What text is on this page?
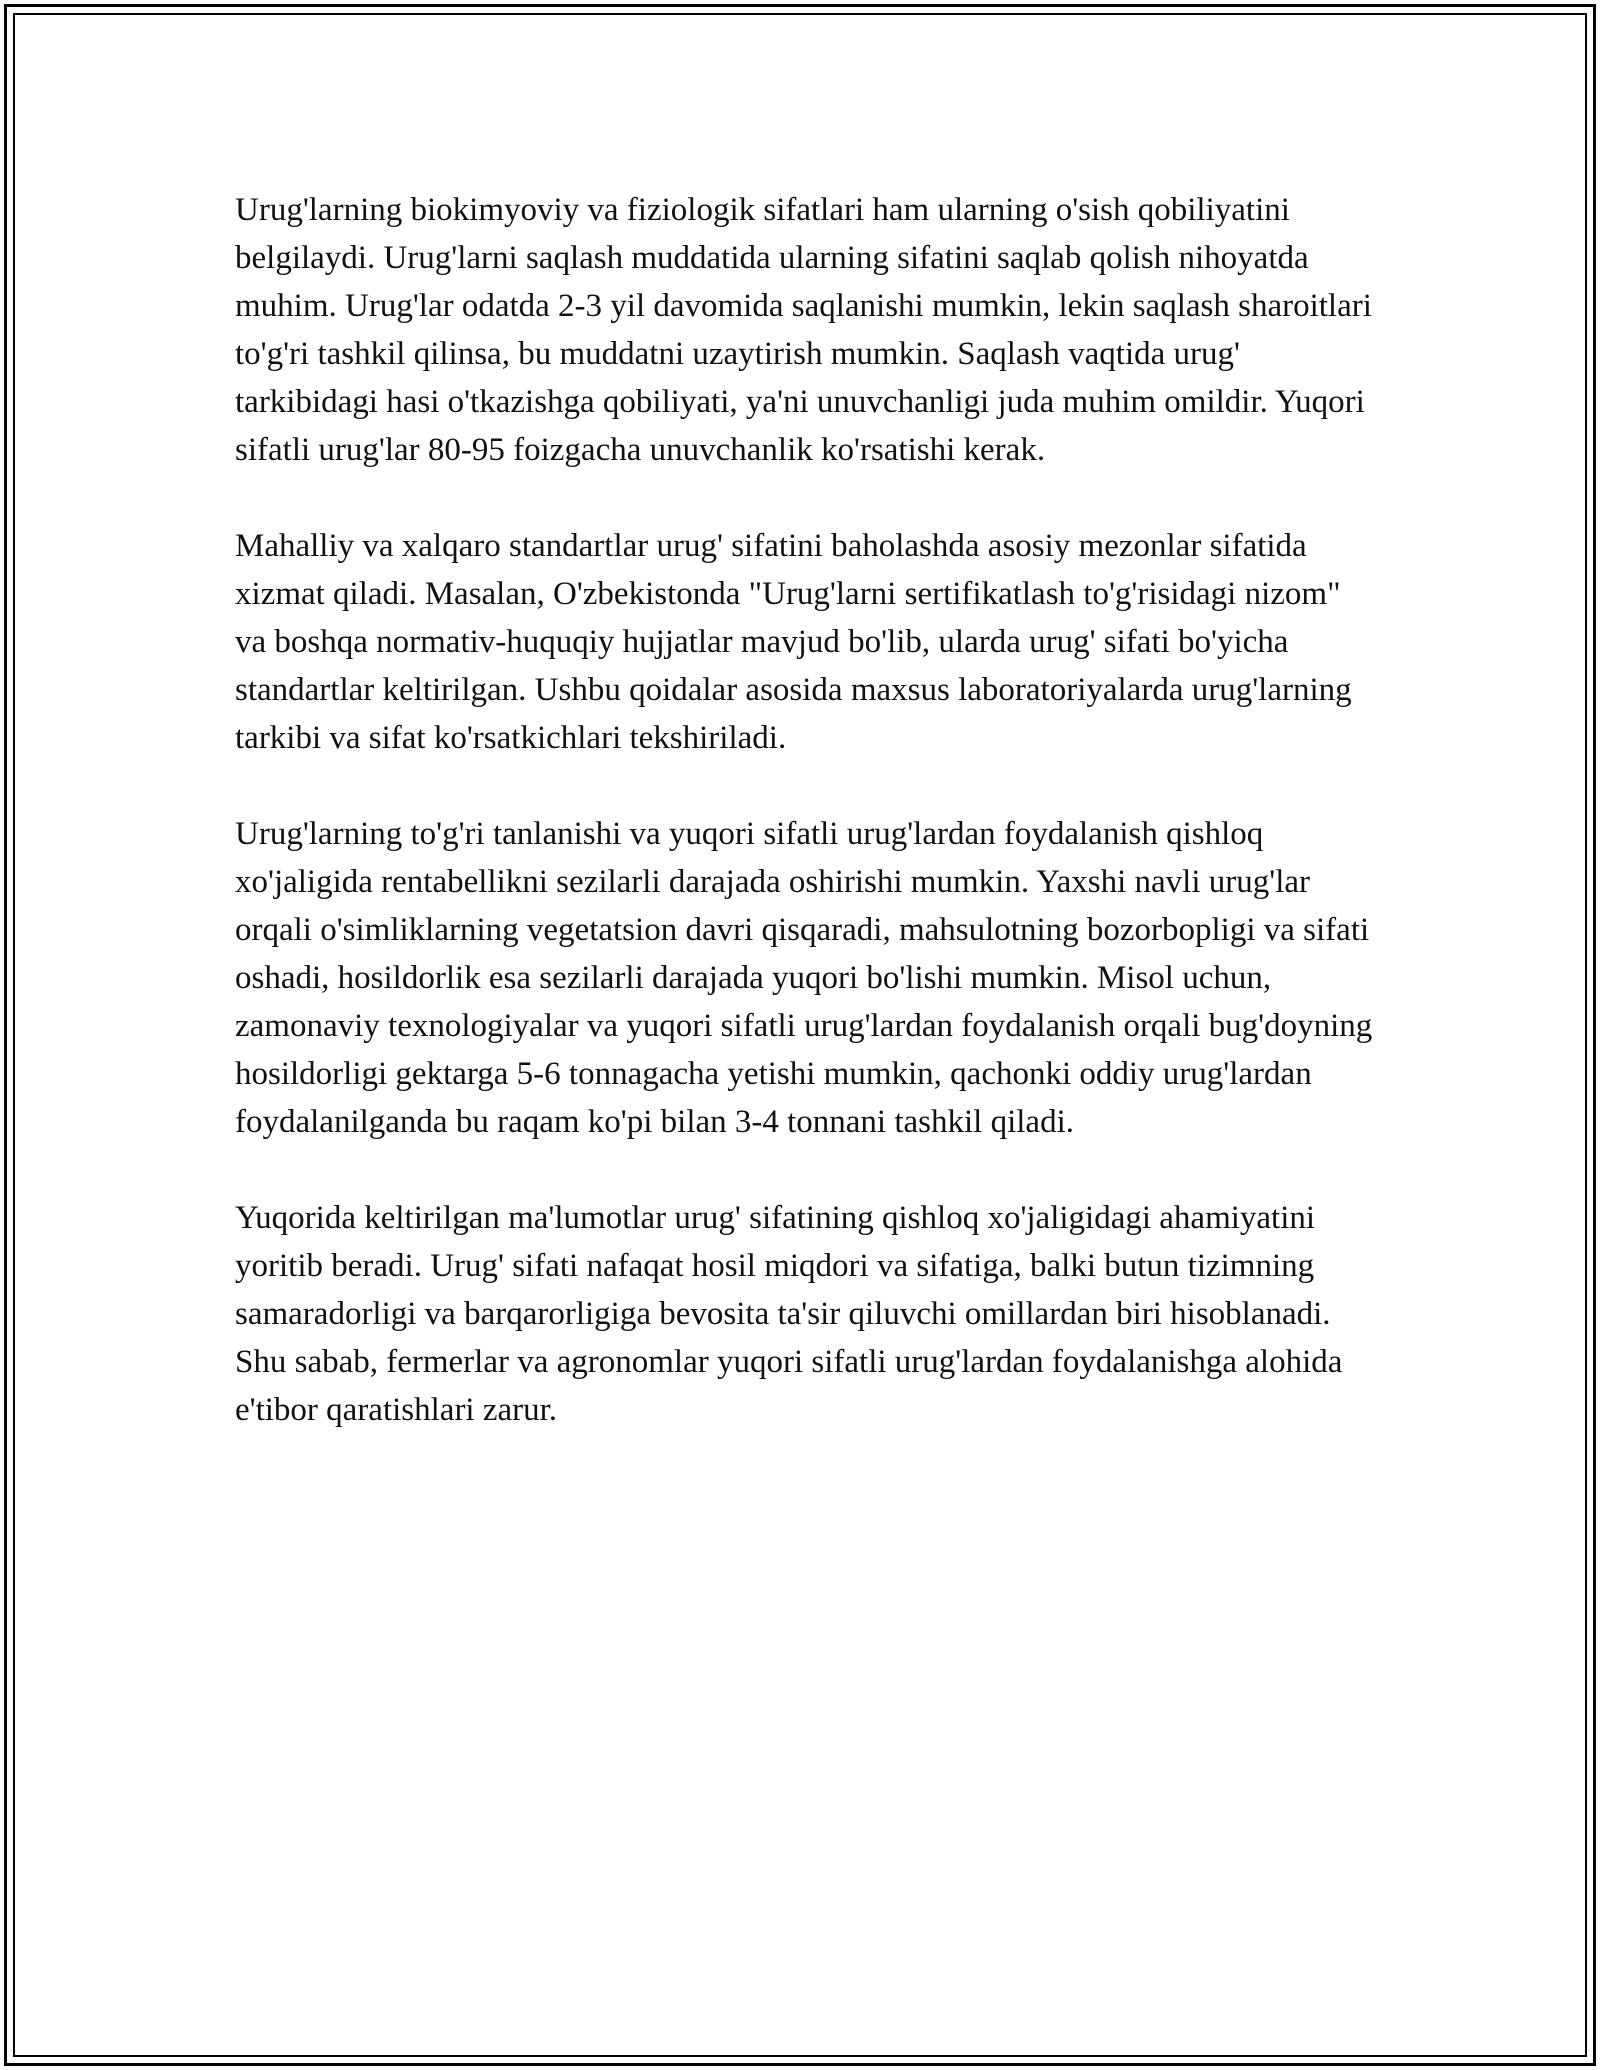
Urug'larning biokimyoviy va fiziologik sifatlari ham ularning o'sish qobiliyatini belgilaydi. Urug'larni saqlash muddatida ularning sifatini saqlab qolish nihoyatda muhim. Urug'lar odatda 2-3 yil davomida saqlanishi mumkin, lekin saqlash sharoitlari to'g'ri tashkil qilinsa, bu muddatni uzaytirish mumkin. Saqlash vaqtida urug' tarkibidagi hasi o'tkazishga qobiliyati, ya'ni unuvchanligi juda muhim omildir. Yuqori sifatli urug'lar 80-95 foizgacha unuvchanlik ko'rsatishi kerak.

Mahalliy va xalqaro standartlar urug' sifatini baholashda asosiy mezonlar sifatida xizmat qiladi. Masalan, O'zbekistonda "Urug'larni sertifikatlash to'g'risidagi nizom" va boshqa normativ-huquqiy hujjatlar mavjud bo'lib, ularda urug' sifati bo'yicha standartlar keltirilgan. Ushbu qoidalar asosida maxsus laboratoriyalarda urug'larning tarkibi va sifat ko'rsatkichlari tekshiriladi.

Urug'larning to'g'ri tanlanishi va yuqori sifatli urug'lardan foydalanish qishloq xo'jaligida rentabellikni sezilarli darajada oshirishi mumkin. Yaxshi navli urug'lar orqali o'simliklarning vegetatsion davri qisqaradi, mahsulotning bozorbopligi va sifati oshadi, hosildorlik esa sezilarli darajada yuqori bo'lishi mumkin. Misol uchun, zamonaviy texnologiyalar va yuqori sifatli urug'lardan foydalanish orqali bug'doyning hosildorligi gektarga 5-6 tonnagacha yetishi mumkin, qachonki oddiy urug'lardan foydalanilganda bu raqam ko'pi bilan 3-4 tonnani tashkil qiladi.

Yuqorida keltirilgan ma'lumotlar urug' sifatining qishloq xo'jaligidagi ahamiyatini yoritib beradi. Urug' sifati nafaqat hosil miqdori va sifatiga, balki butun tizimning samaradorligi va barqarorligiga bevosita ta'sir qiluvchi omillardan biri hisoblanadi. Shu sabab, fermerlar va agronomlar yuqori sifatli urug'lardan foydalanishga alohida e'tibor qaratishlari zarur.
